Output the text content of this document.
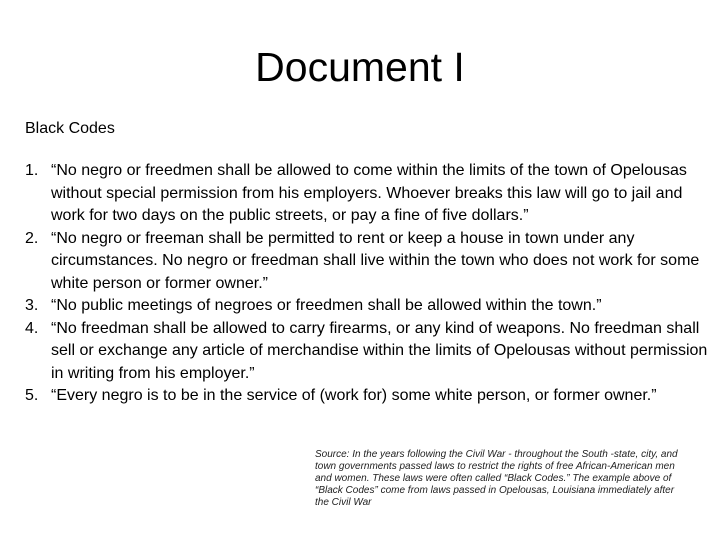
Document I

Black Codes

1. “No negro or freedmen shall be allowed to come within the limits of the town of Opelousas without special permission from his employers. Whoever breaks this law will go to jail and work for two days on the public streets, or pay a fine of five dollars.”
2. “No negro or freeman shall be permitted to rent or keep a house in town under any circumstances. No negro or freedman shall live within the town who does not work for some white person or former owner.”
3. “No public meetings of negroes or freedmen shall be allowed within the town.”
4. “No freedman shall be allowed to carry firearms, or any kind of weapons. No freedman shall sell or exchange any article of merchandise within the limits of Opelousas without permission in writing from his employer.”
5. “Every negro is to be in the service of (work for) some white person, or former owner.”

Source: In the years following the Civil War - throughout the South -state, city, and town governments passed laws to restrict the rights of free African-American men and women. These laws were often called “Black Codes.” The example above of “Black Codes” come from laws passed in Opelousas, Louisiana immediately after the Civil War
